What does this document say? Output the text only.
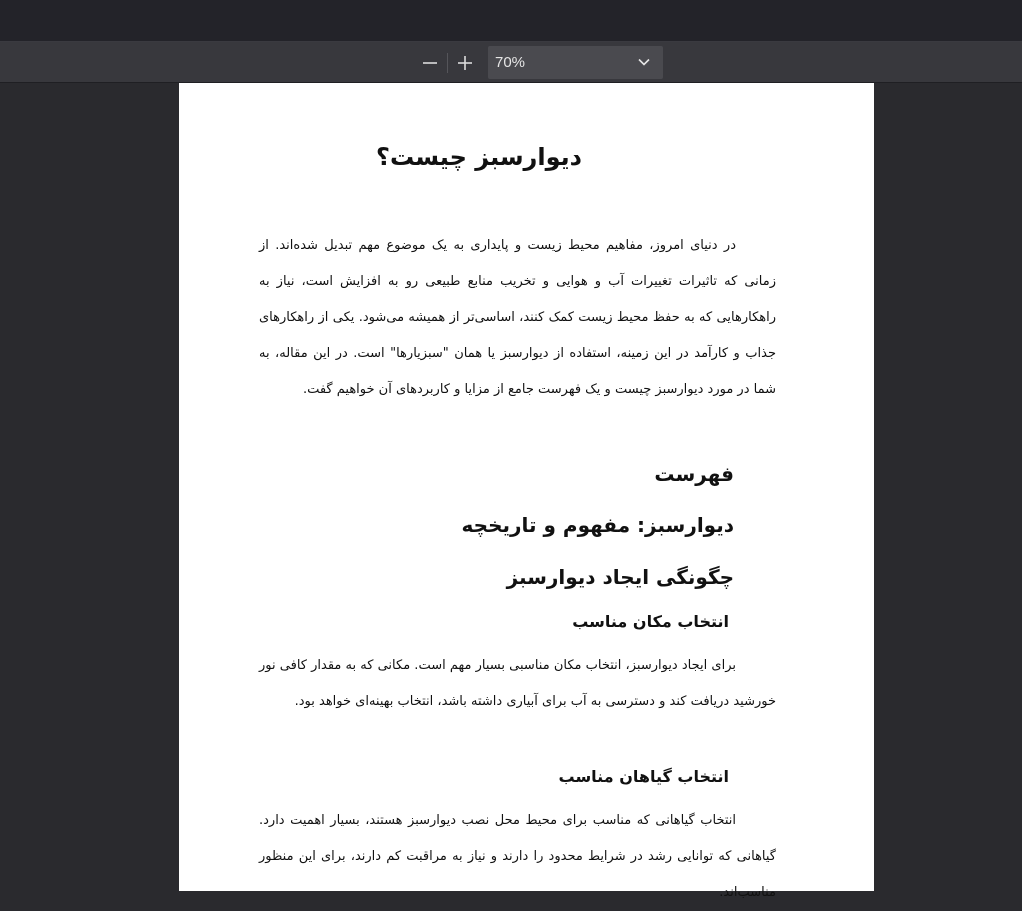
70%
دیوارسبز چیست؟

در دنیای امروز، مفاهیم محیط زیست و پایداری به یک موضوع مهم تبدیل شده‌اند. از زمانی که تاثیرات تغییرات آب و هوایی و تخریب منابع طبیعی رو به افزایش است، نیاز به راهکارهایی که به حفظ محیط زیست کمک کنند، اساسی‌تر از همیشه می‌شود. یکی از راهکارهای جذاب و کارآمد در این زمینه، استفاده از دیوارسبز یا همان "سبزیارها" است. در این مقاله، به شما در مورد دیوارسبز چیست و یک فهرست جامع از مزایا و کاربردهای آن خواهیم گفت.

فهرست
دیوارسبز: مفهوم و تاریخچه
چگونگی ایجاد دیوارسبز
انتخاب مکان مناسب

برای ایجاد دیوارسبز، انتخاب مکان مناسبی بسیار مهم است. مکانی که به مقدار کافی نور خورشید دریافت کند و دسترسی به آب برای آبیاری داشته باشد، انتخاب بهینه‌ای خواهد بود.

انتخاب گیاهان مناسب

انتخاب گیاهانی که مناسب برای محیط محل نصب دیوارسبز هستند، بسیار اهمیت دارد. گیاهانی که توانایی رشد در شرایط محدود را دارند و نیاز به مراقبت کم دارند، برای این منظور مناسب‌اند.
